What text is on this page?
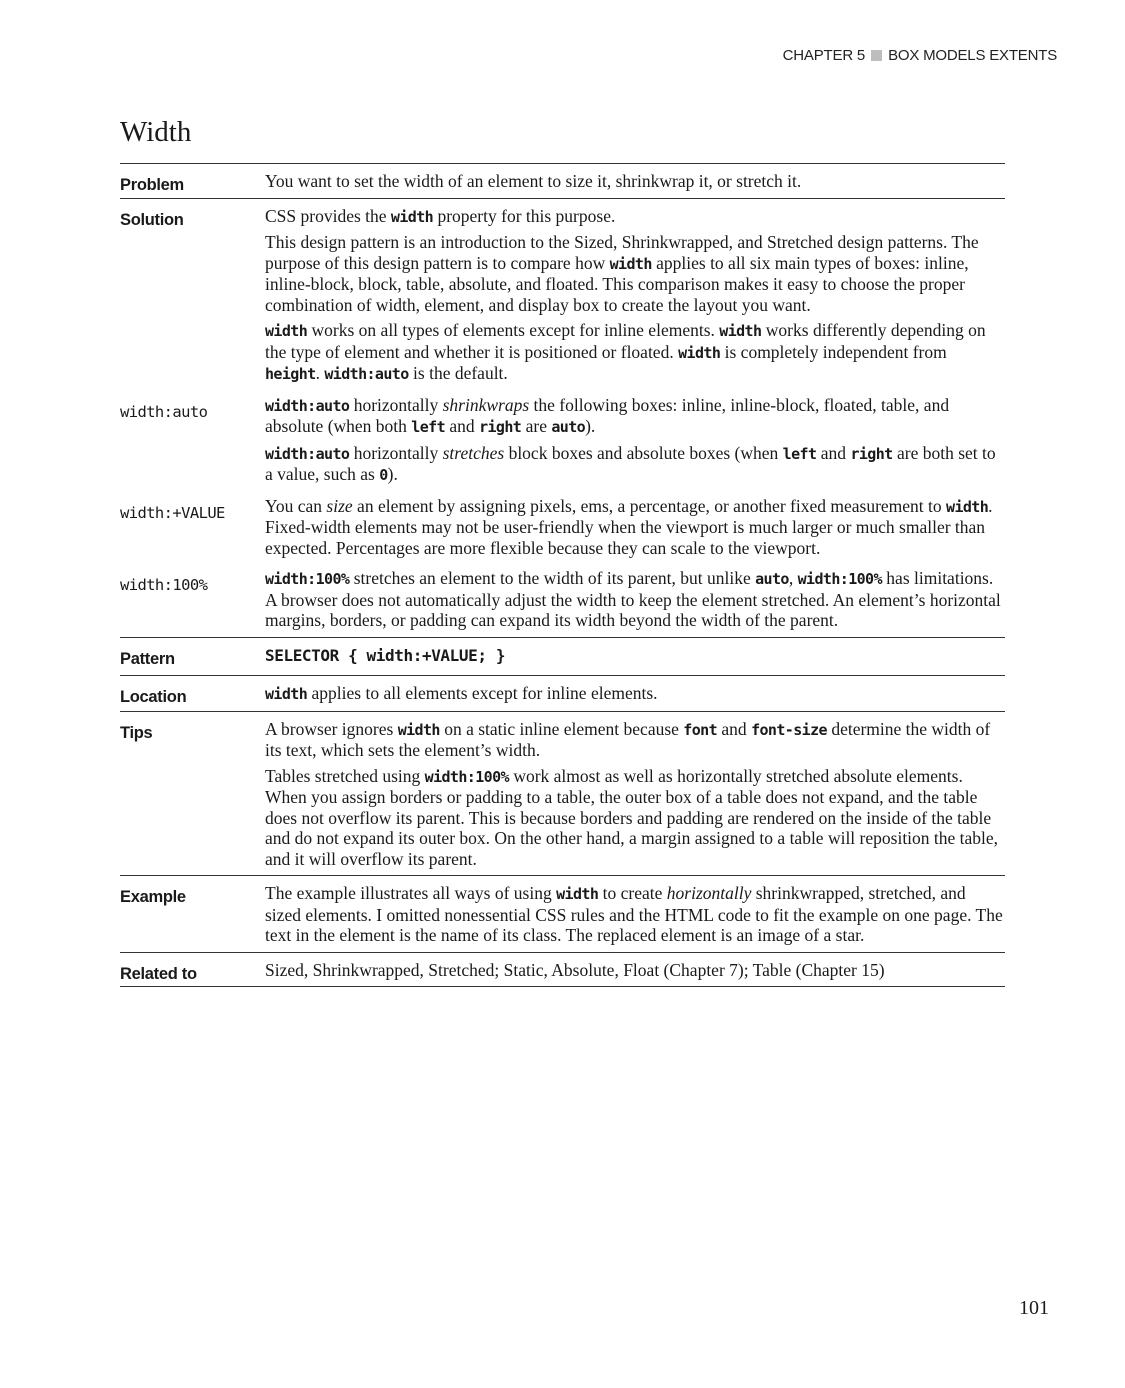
CHAPTER 5 BOX MODELS EXTENTS
Width
Problem	You want to set the width of an element to size it, shrinkwrap it, or stretch it.

Solution	CSS provides the width property for this purpose.

This design pattern is an introduction to the Sized, Shrinkwrapped, and Stretched design patterns. The purpose of this design pattern is to compare how width applies to all six main types of boxes: inline, inline-block, block, table, absolute, and floated. This comparison makes it easy to choose the proper combination of width, element, and display box to create the layout you want.

width works on all types of elements except for inline elements. width works differently depending on the type of element and whether it is positioned or floated. width is completely independent from height. width:auto is the default.

width:auto	width:auto horizontally shrinkwraps the following boxes: inline, inline-block, floated, table, and absolute (when both left and right are auto).

width:auto horizontally stretches block boxes and absolute boxes (when left and right are both set to a value, such as 0).

width:+VALUE	You can size an element by assigning pixels, ems, a percentage, or another fixed measurement to width. Fixed-width elements may not be user-friendly when the viewport is much larger or much smaller than expected. Percentages are more flexible because they can scale to the viewport.

width:100%	width:100% stretches an element to the width of its parent, but unlike auto, width:100% has limitations. A browser does not automatically adjust the width to keep the element stretched. An element’s horizontal margins, borders, or padding can expand its width beyond the width of the parent.

Pattern	SELECTOR { width:+VALUE; }
Location	width applies to all elements except for inline elements.

Tips	A browser ignores width on a static inline element because font and font-size determine the width of its text, which sets the element’s width.

Tables stretched using width:100% work almost as well as horizontally stretched absolute elements. When you assign borders or padding to a table, the outer box of a table does not expand, and the table does not overflow its parent. This is because borders and padding are rendered on the inside of the table and do not expand its outer box. On the other hand, a margin assigned to a table will reposition the table, and it will overflow its parent.

Example	The example illustrates all ways of using width to create horizontally shrinkwrapped, stretched, and sized elements. I omitted nonessential CSS rules and the HTML code to fit the example on one page. The text in the element is the name of its class. The replaced element is an image of a star.

Related to	Sized, Shrinkwrapped, Stretched; Static, Absolute, Float (Chapter 7); Table (Chapter 15)

101
